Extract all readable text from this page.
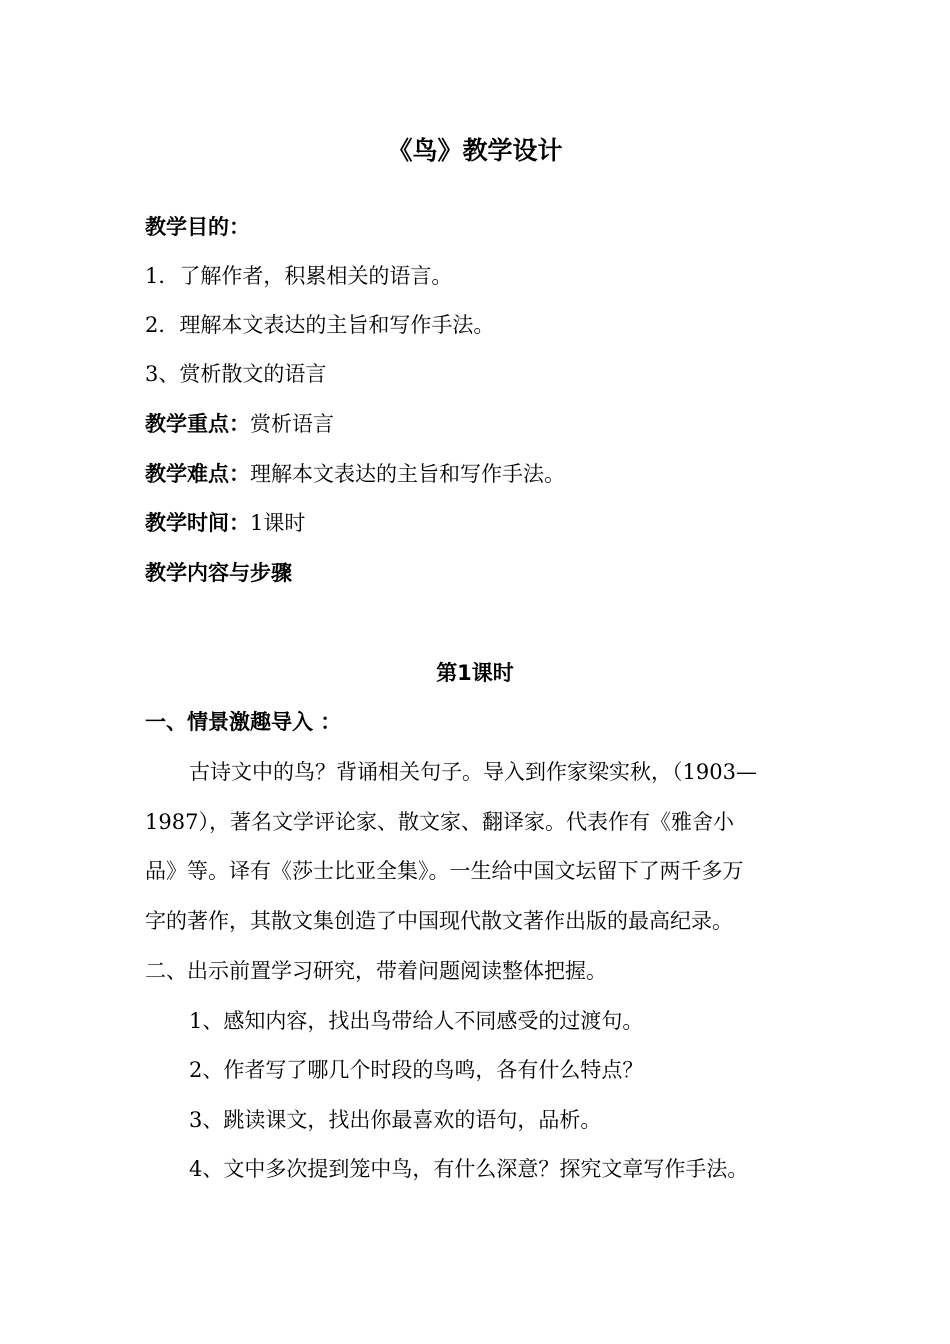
《鸟》教学设计
教学目的：
1．了解作者，积累相关的语言。
2．理解本文表达的主旨和写作手法。
3、赏析散文的语言
教学重点：赏析语言
教学难点：理解本文表达的主旨和写作手法。
教学时间：1课时
教学内容与步骤
第1课时
一、情景激趣导入 ：
古诗文中的鸟？背诵相关句子。导入到作家梁实秋，（1903—
1987），著名文学评论家、散文家、翻译家。代表作有《雅舍小
品》等。译有《莎士比亚全集》。一生给中国文坛留下了两千多万
字的著作，其散文集创造了中国现代散文著作出版的最高纪录。
二、出示前置学习研究，带着问题阅读整体把握。
1、感知内容，找出鸟带给人不同感受的过渡句。
2、作者写了哪几个时段的鸟鸣，各有什么特点？
3、跳读课文，找出你最喜欢的语句，品析。
4、文中多次提到笼中鸟，有什么深意？探究文章写作手法。
